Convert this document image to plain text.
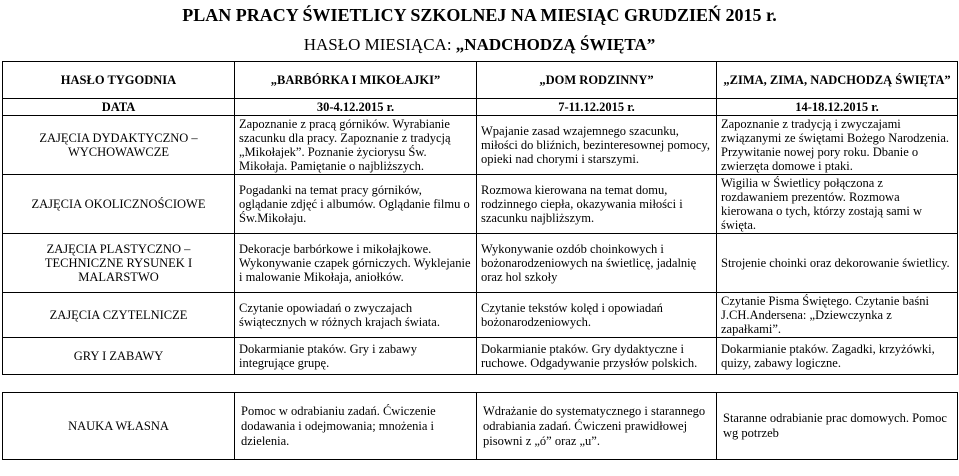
PLAN PRACY ŚWIETLICY SZKOLNEJ NA MIESIĄC GRUDZIEŃ 2015 r.
HASŁO MIESIĄCA: „NADCHODZĄ ŚWIĘTA”
HASŁO TYGODNIA	„BARBÓRKA I MIKOŁAJKI”	„DOM RODZINNY”	„ZIMA, ZIMA, NADCHODZĄ ŚWIĘTA”
DATA	30-4.12.2015 r.	7-11.12.2015 r.	14-18.12.2015 r.
ZAJĘCIA DYDAKTYCZNO – WYCHOWAWCZE	Zapoznanie z pracą górników. Wyrabianie szacunku dla pracy. Zapoznanie z tradycją „Mikołajek”. Poznanie życiorysu Św. Mikołaja. Pamiętanie o najbliższych.	Wpajanie zasad wzajemnego szacunku, miłości do bliźnich, bezinteresownej pomocy, opieki nad chorymi i starszymi.	Zapoznanie z tradycją i zwyczajami związanymi ze świętami Bożego Narodzenia. Przywitanie nowej pory roku. Dbanie o zwierzęta domowe i ptaki.
ZAJĘCIA OKOLICZNOŚCIOWE	Pogadanki na temat pracy górników, oglądanie zdjęć i albumów. Oglądanie filmu o Św.Mikołaju.	Rozmowa kierowana na temat domu, rodzinnego ciepła, okazywania miłości i szacunku najbliższym.	Wigilia w Świetlicy połączona z rozdawaniem prezentów. Rozmowa kierowana o tych, którzy zostają sami w święta.
ZAJĘCIA PLASTYCZNO – TECHNICZNE RYSUNEK I MALARSTWO	Dekoracje barbórkowe i mikołajkowe. Wykonywanie czapek górniczych. Wyklejanie i malowanie Mikołaja, aniołków.	Wykonywanie ozdób choinkowych i bożonarodzeniowych na świetlicę, jadalnię oraz hol szkoły	Strojenie choinki oraz dekorowanie świetlicy.
ZAJĘCIA CZYTELNICZE	Czytanie opowiadań o zwyczajach świątecznych w różnych krajach świata.	Czytanie tekstów kolęd i opowiadań bożonarodzeniowych.	Czytanie Pisma Świętego. Czytanie baśni J.CH.Andersena: „Dziewczynka z zapałkami”.
GRY I ZABAWY	Dokarmianie ptaków. Gry i zabawy integrujące grupę.	Dokarmianie ptaków. Gry dydaktyczne i ruchowe. Odgadywanie przysłów polskich.	Dokarmianie ptaków. Zagadki, krzyżówki, quizy, zabawy logiczne.
NAUKA WŁASNA	Pomoc w odrabianiu zadań. Ćwiczenie dodawania i odejmowania; mnożenia i dzielenia.	Wdrażanie do systematycznego i starannego odrabiania zadań. Ćwiczeni prawidłowej pisowni z „ó” oraz „u”.	Staranne odrabianie prac domowych. Pomoc wg potrzeb
